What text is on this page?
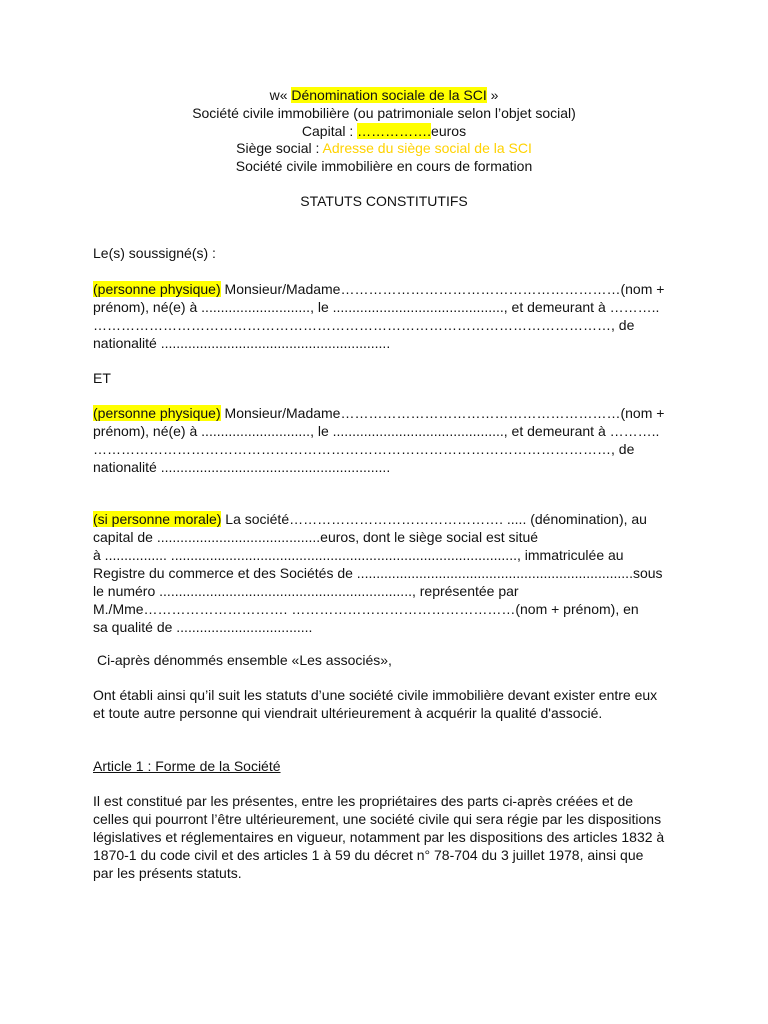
w« Dénomination sociale de la SCI »
Société civile immobilière (ou patrimoniale selon l’objet social)
Capital : …………….euros
Siège social : Adresse du siège social de la SCI
Société civile immobilière en cours de formation
STATUTS CONSTITUTIFS
Le(s) soussigné(s) :

(personne physique) Monsieur/Madame……………………………………………………(nom +

prénom), né(e) à ............................, le ............................................, et demeurant à ………..

…………………………………………………………………………………………………, de

nationalité ...........................................................

ET

(personne physique) Monsieur/Madame……………………………………………………(nom +

prénom), né(e) à ............................, le ............................................, et demeurant à ………..

…………………………………………………………………………………………………, de

nationalité ...........................................................

(si personne morale) La société………………………………………. ..... (dénomination), au

capital de ..........................................euros, dont le siège social est situé

à ................ ........................................................................................., immatriculée au

Registre du commerce et des Sociétés de .......................................................................sous

le numéro ................................................................., représentée par

M./Mme…………………………. …………………………………………(nom + prénom), en

sa qualité de ...................................

Ci-après dénommés ensemble «Les associés»,

Ont établi ainsi qu’il suit les statuts d’une société civile immobilière devant exister entre eux

et toute autre personne qui viendrait ultérieurement à acquérir la qualité d'associé.

Article 1 : Forme de la Société

Il est constitué par les présentes, entre les propriétaires des parts ci-après créées et de

celles qui pourront l’être ultérieurement, une société civile qui sera régie par les dispositions

législatives et réglementaires en vigueur, notamment par les dispositions des articles 1832 à

1870-1 du code civil et des articles 1 à 59 du décret n° 78-704 du 3 juillet 1978, ainsi que

par les présents statuts.
